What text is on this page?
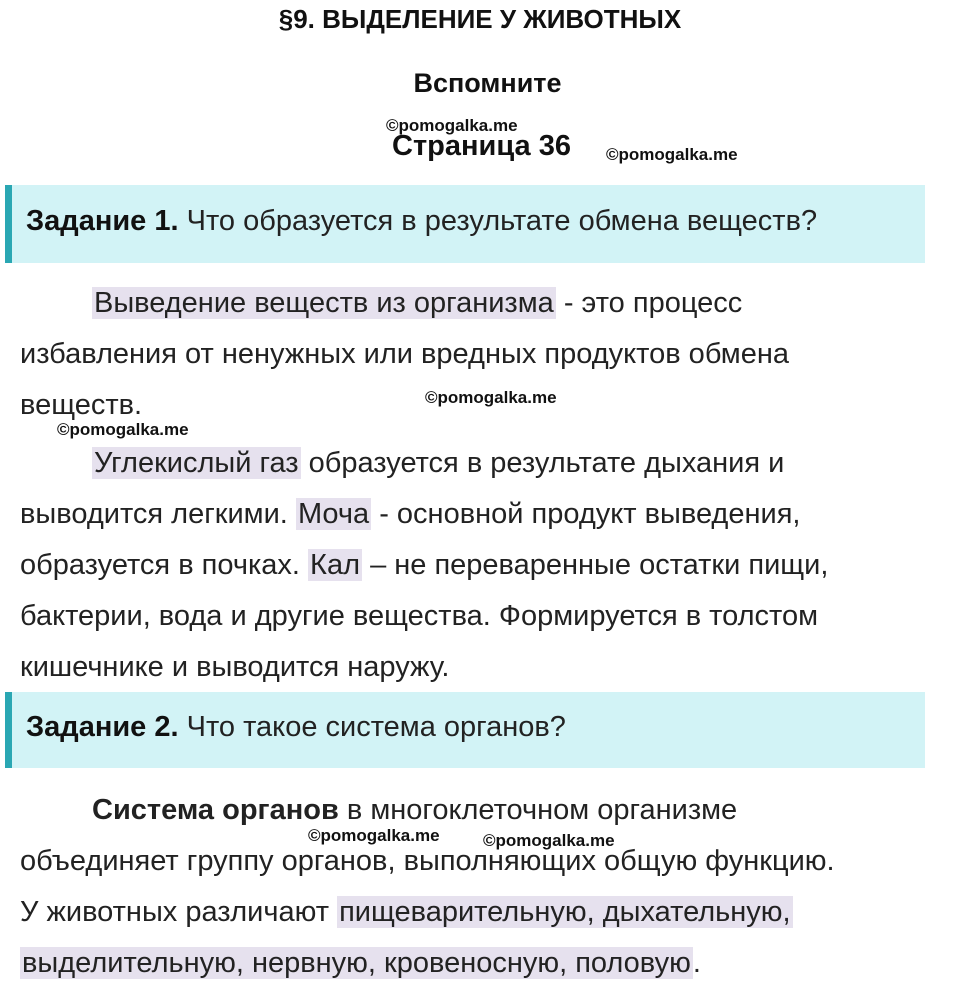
§9. ВЫДЕЛЕНИЕ У ЖИВОТНЫХ
Вспомните
©pomogalka.me
Страница 36 ©pomogalka.me
Задание 1. Что образуется в результате обмена веществ?
Выведение веществ из организма - это процесс
избавления от ненужных или вредных продуктов обмена
веществ.	©pomogalka.me
©pomogalka.me
Углекислый газ образуется в результате дыхания и
выводится легкими. Моча - основной продукт выведения,
образуется в почках. Кал – не переваренные остатки пищи,
бактерии, вода и другие вещества. Формируется в толстом
кишечнике и выводится наружу.
Задание 2. Что такое система органов?
Система органов в многоклеточном организме
объединяет группу органов, выполняющих общую функцию.
У животных различают пищеварительную, дыхательную,
выделительную, нервную, кровеносную, половую.
©pomogalka.me	©pomogalka.me
